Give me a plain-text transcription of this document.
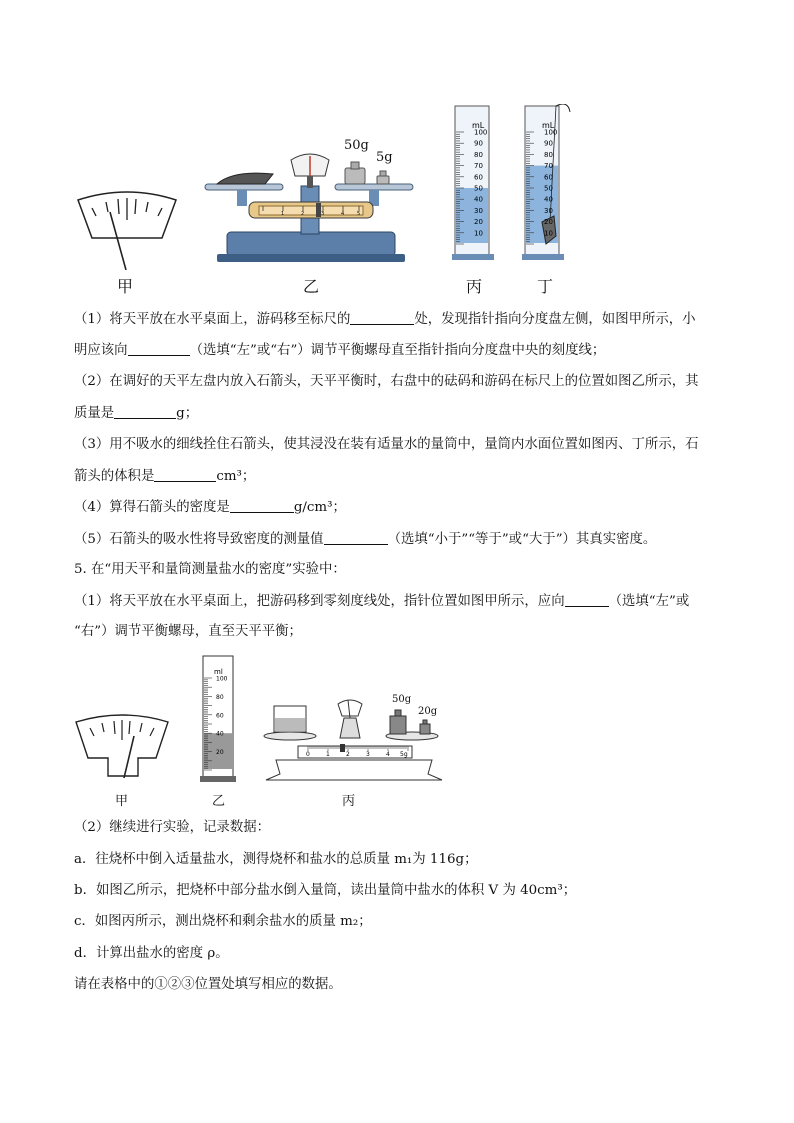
甲
1	2	3	4	5
50g
5g
乙
mL
100
90
80
70
60
50
40
30
20
10
丙
mL
100
90
80
70
60
50
40
30
20
10
丁
（1）将天平放在水平桌面上，游码移至标尺的	处，发现指针指向分度盘左侧，如图甲所示，小
明应该向	（选填“左”或“右”）调节平衡螺母直至指针指向分度盘中央的刻度线；
（2）在调好的天平左盘内放入石箭头，天平平衡时，右盘中的砝码和游码在标尺上的位置如图乙所示，其
质量是	g；
（3）用不吸水的细线拴住石箭头，使其浸没在装有适量水的量筒中，量筒内水面位置如图丙、丁所示，石
箭头的体积是	cm³；
（4）算得石箭头的密度是	g/cm³；
（5）石箭头的吸水性将导致密度的测量值	（选填“小于”“等于”或“大于”）其真实密度。
5. 在“用天平和量筒测量盐水的密度”实验中：
（1）将天平放在水平桌面上，把游码移到零刻度线处，指针位置如图甲所示，应向	（选填“左”或
“右”）调节平衡螺母，直至天平平衡；
甲
ml
100
80
60
40
20
乙
0	1	2	3	4 5g
50g
20g
丙
（2）继续进行实验，记录数据：
a．往烧杯中倒入适量盐水，测得烧杯和盐水的总质量 m₁为 116g；
b．如图乙所示，把烧杯中部分盐水倒入量筒，读出量筒中盐水的体积 V 为 40cm³；
c．如图丙所示，测出烧杯和剩余盐水的质量 m₂；
d．计算出盐水的密度 ρ。
请在表格中的①②③位置处填写相应的数据。
